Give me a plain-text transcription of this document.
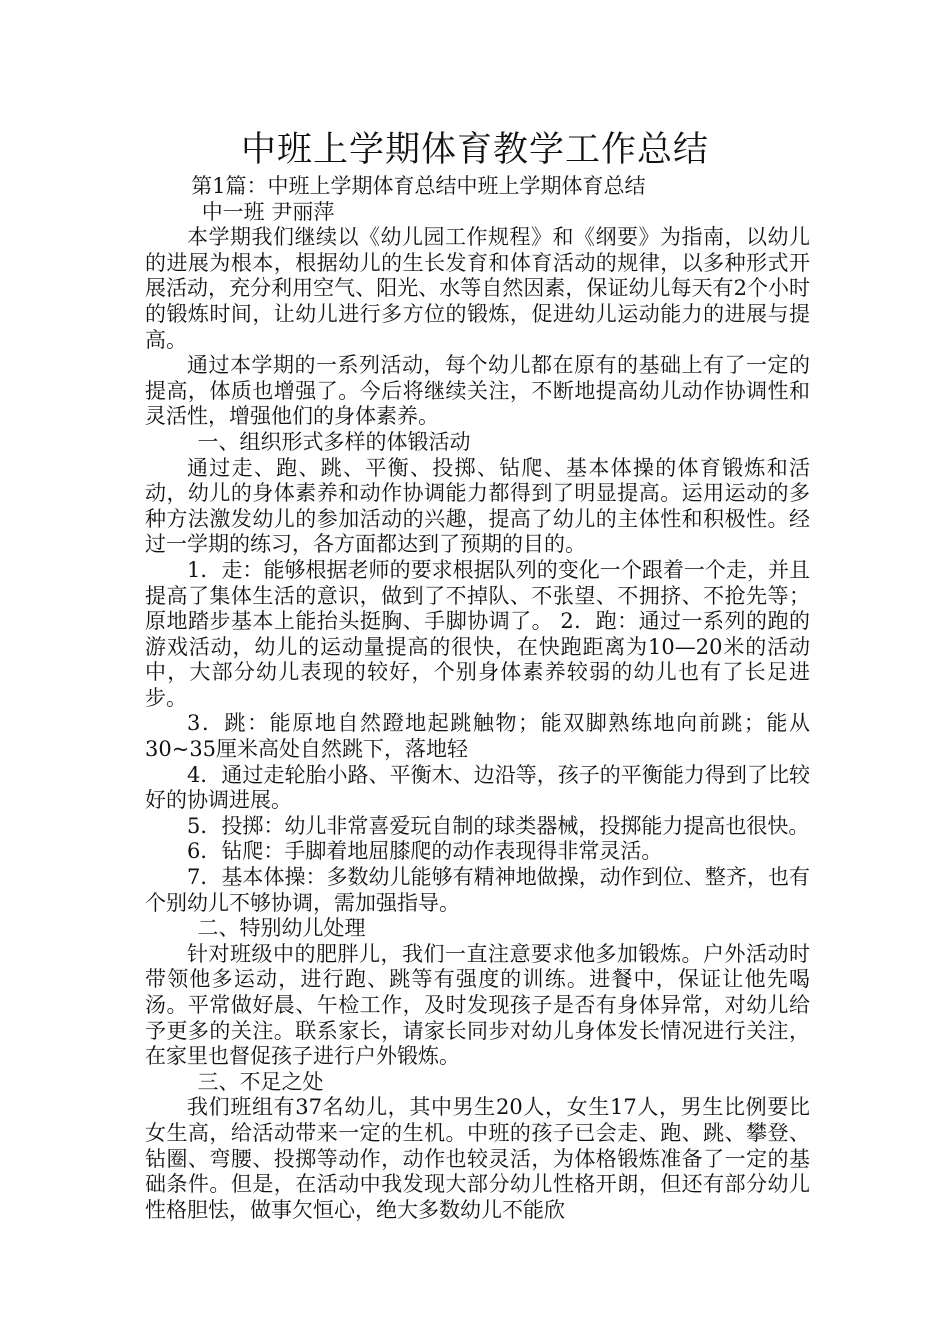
中班上学期体育教学工作总结

第1篇：中班上学期体育总结中班上学期体育总结

中一班 尹丽萍

本学期我们继续以《幼儿园工作规程》和《纲要》为指南，以幼儿的进展为根本，根据幼儿的生长发育和体育活动的规律，以多种形式开展活动，充分利用空气、阳光、水等自然因素，保证幼儿每天有2个小时的锻炼时间，让幼儿进行多方位的锻炼，促进幼儿运动能力的进展与提高。

通过本学期的一系列活动，每个幼儿都在原有的基础上有了一定的提高，体质也增强了。今后将继续关注，不断地提高幼儿动作协调性和灵活性，增强他们的身体素养。

一、组织形式多样的体锻活动

通过走、跑、跳、平衡、投掷、钻爬、基本体操的体育锻炼和活动，幼儿的身体素养和动作协调能力都得到了明显提高。运用运动的多种方法激发幼儿的参加活动的兴趣，提高了幼儿的主体性和积极性。经过一学期的练习，各方面都达到了预期的目的。

1．走：能够根据老师的要求根据队列的变化一个跟着一个走，并且提高了集体生活的意识，做到了不掉队、不张望、不拥挤、不抢先等；原地踏步基本上能抬头挺胸、手脚协调了。 2．跑：通过一系列的跑的游戏活动，幼儿的运动量提高的很快，在快跑距离为10—20米的活动中，大部分幼儿表现的较好，个别身体素养较弱的幼儿也有了长足进步。

3．跳：能原地自然蹬地起跳触物；能双脚熟练地向前跳；能从30~35厘米高处自然跳下，落地轻

4．通过走轮胎小路、平衡木、边沿等，孩子的平衡能力得到了比较好的协调进展。

5．投掷：幼儿非常喜爱玩自制的球类器械，投掷能力提高也很快。

6．钻爬：手脚着地屈膝爬的动作表现得非常灵活。

7．基本体操：多数幼儿能够有精神地做操，动作到位、整齐，也有个别幼儿不够协调，需加强指导。

二、特别幼儿处理

针对班级中的肥胖儿，我们一直注意要求他多加锻炼。户外活动时带领他多运动，进行跑、跳等有强度的训练。进餐中，保证让他先喝汤。平常做好晨、午检工作，及时发现孩子是否有身体异常，对幼儿给予更多的关注。联系家长，请家长同步对幼儿身体发长情况进行关注，在家里也督促孩子进行户外锻炼。

三、不足之处

我们班组有37名幼儿，其中男生20人，女生17人，男生比例要比女生高，给活动带来一定的生机。中班的孩子已会走、跑、跳、攀登、钻圈、弯腰、投掷等动作，动作也较灵活，为体格锻炼准备了一定的基础条件。但是，在活动中我发现大部分幼儿性格开朗，但还有部分幼儿性格胆怯，做事欠恒心，绝大多数幼儿不能欣
